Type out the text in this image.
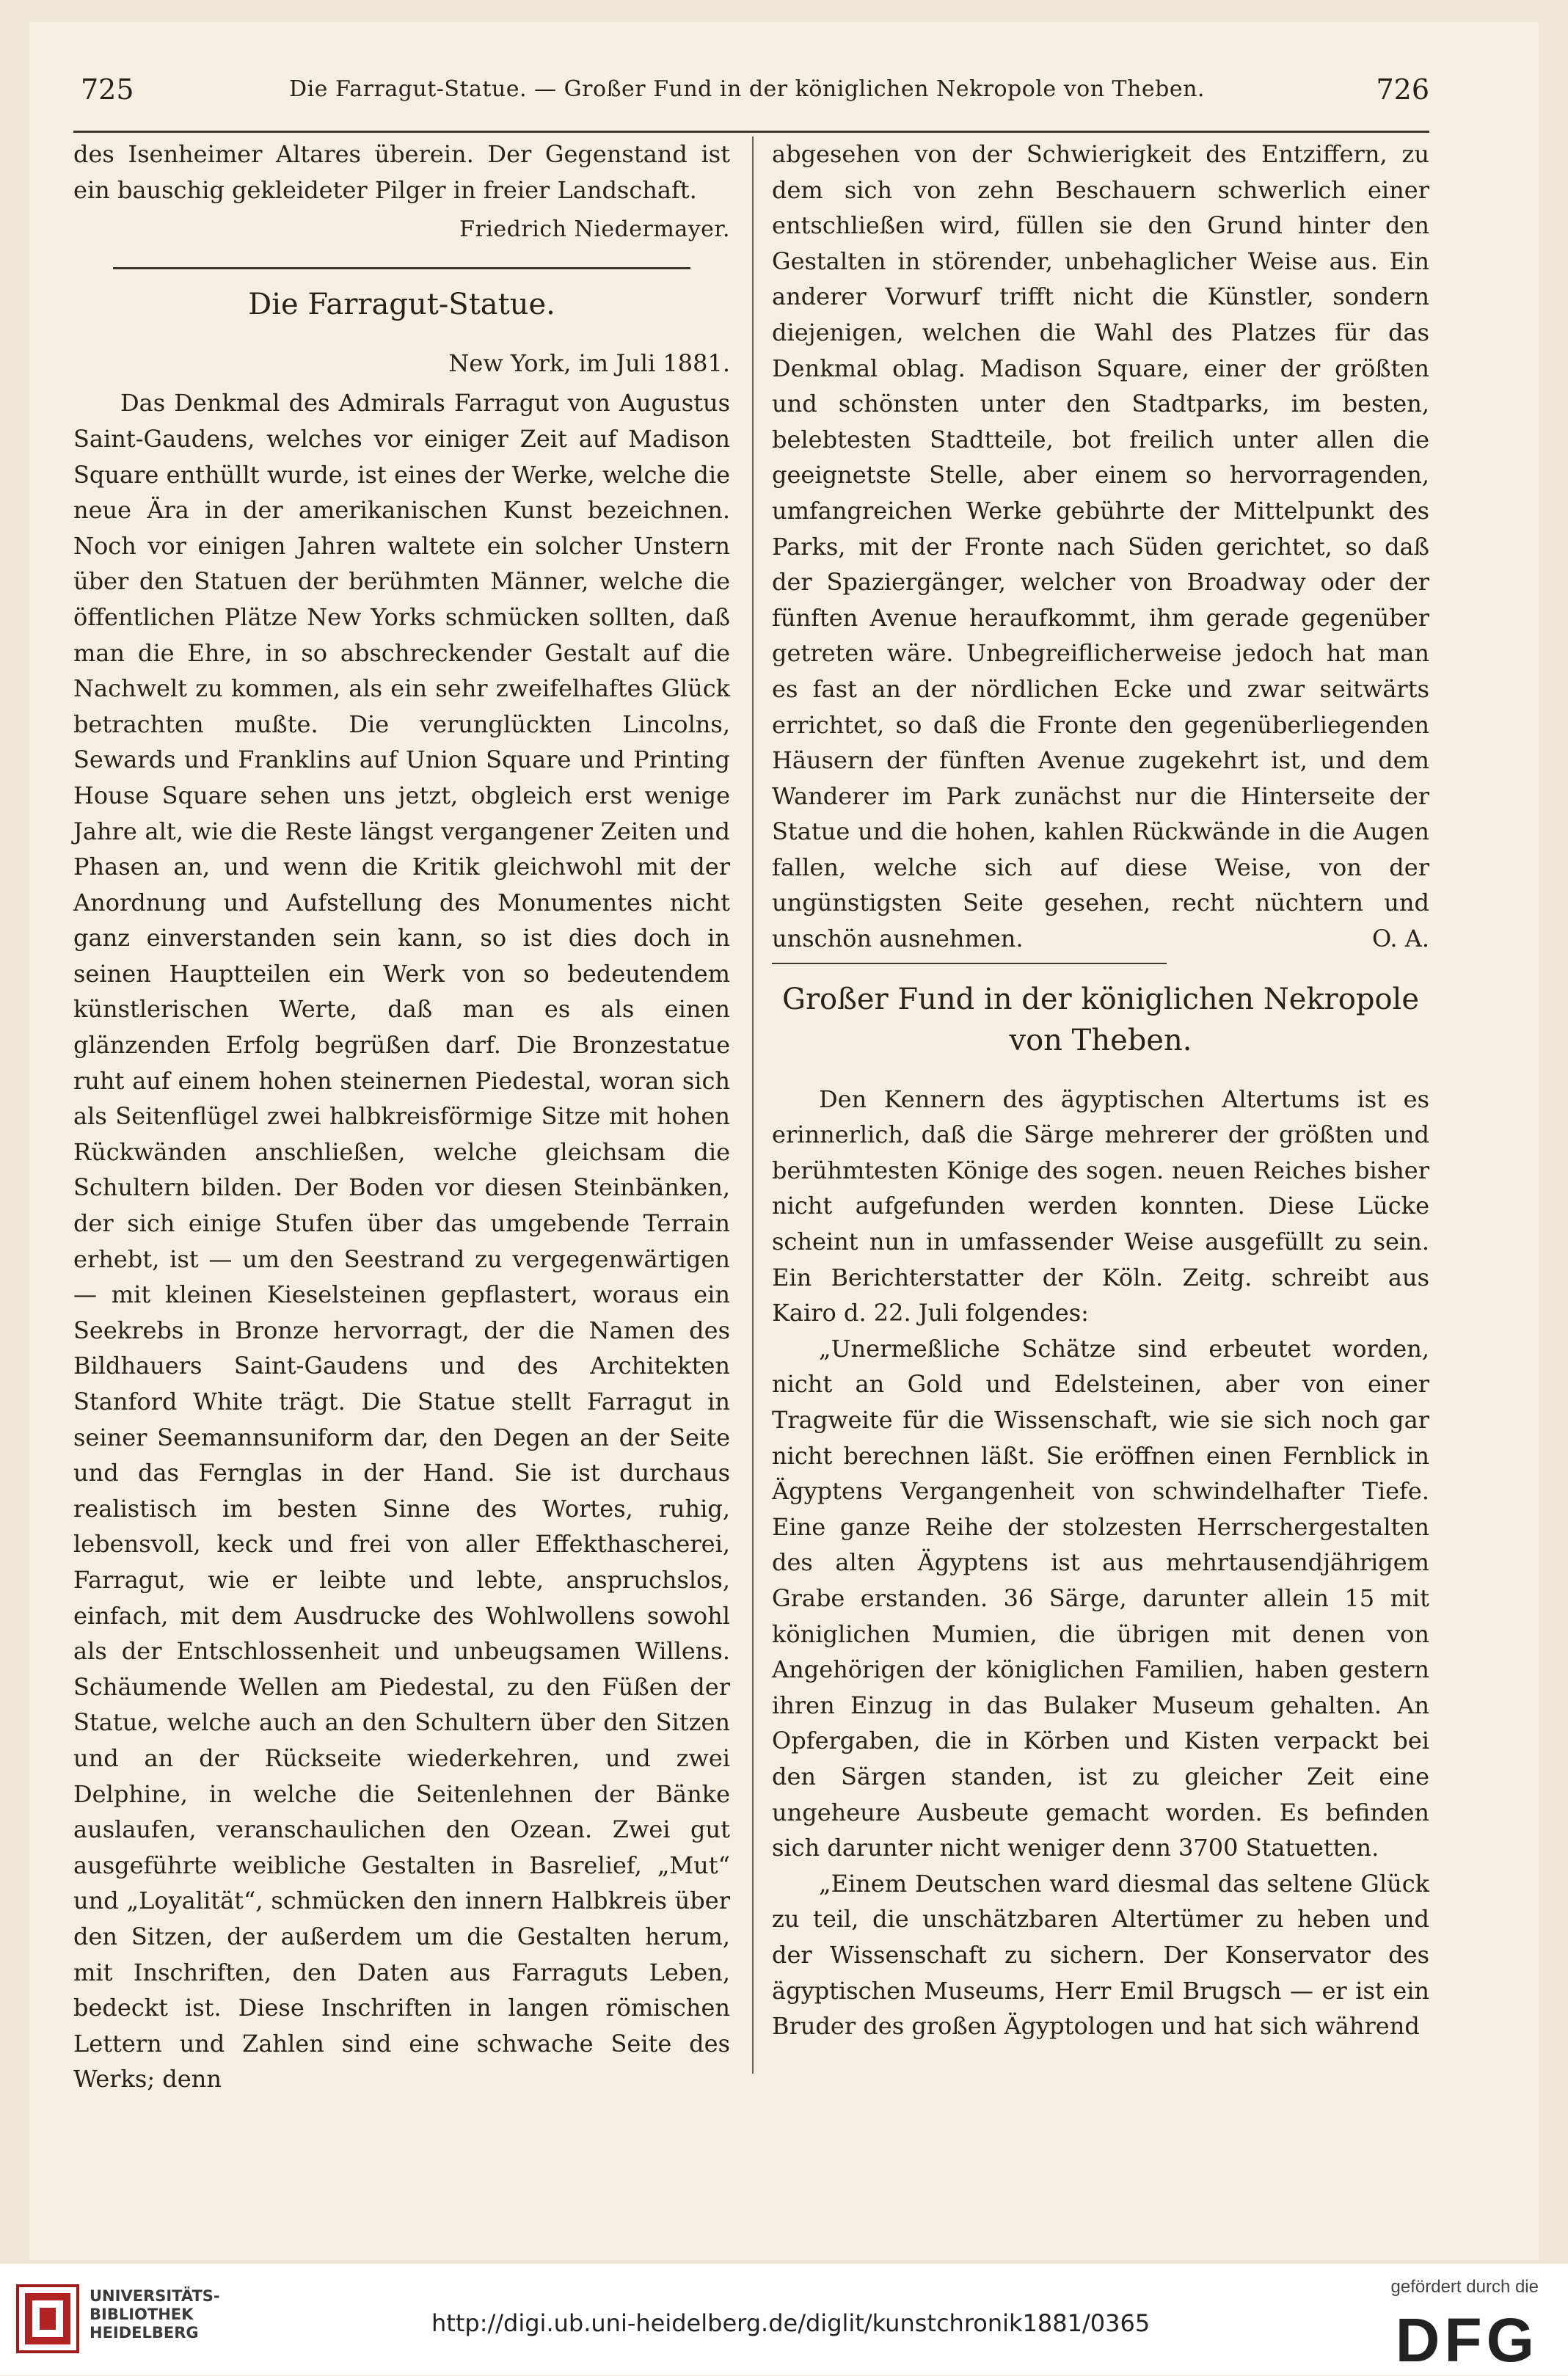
725	Die Farragut-Statue. — Großer Fund in der königlichen Nekropole von Theben.	726

des Isenheimer Altares überein. Der Gegenstand ist ein bauschig gekleideter Pilger in freier Landschaft.

Friedrich Niedermayer.
Die Farragut-Statue.
New York, im Juli 1881.

Das Denkmal des Admirals Farragut von Augustus Saint-Gaudens, welches vor einiger Zeit auf Madison Square enthüllt wurde, ist eines der Werke, welche die neue Ära in der amerikanischen Kunst bezeichnen. Noch vor einigen Jahren waltete ein solcher Unstern über den Statuen der berühmten Männer, welche die öffentlichen Plätze New Yorks schmücken sollten, daß man die Ehre, in so abschreckender Gestalt auf die Nachwelt zu kommen, als ein sehr zweifelhaftes Glück betrachten mußte. Die verunglückten Lincolns, Sewards und Franklins auf Union Square und Printing House Square sehen uns jetzt, obgleich erst wenige Jahre alt, wie die Reste längst vergangener Zeiten und Phasen an, und wenn die Kritik gleichwohl mit der Anordnung und Aufstellung des Monumentes nicht ganz einverstanden sein kann, so ist dies doch in seinen Hauptteilen ein Werk von so bedeutendem künstlerischen Werte, daß man es als einen glänzenden Erfolg begrüßen darf. Die Bronzestatue ruht auf einem hohen steinernen Piedestal, woran sich als Seitenflügel zwei halbkreisförmige Sitze mit hohen Rückwänden anschließen, welche gleichsam die Schultern bilden. Der Boden vor diesen Steinbänken, der sich einige Stufen über das umgebende Terrain erhebt, ist — um den Seestrand zu vergegenwärtigen — mit kleinen Kieselsteinen gepflastert, woraus ein Seekrebs in Bronze hervorragt, der die Namen des Bildhauers Saint-Gaudens und des Architekten Stanford White trägt. Die Statue stellt Farragut in seiner Seemannsuniform dar, den Degen an der Seite und das Fernglas in der Hand. Sie ist durchaus realistisch im besten Sinne des Wortes, ruhig, lebensvoll, keck und frei von aller Effekthascherei, Farragut, wie er leibte und lebte, anspruchslos, einfach, mit dem Ausdrucke des Wohlwollens sowohl als der Entschlossenheit und unbeugsamen Willens. Schäumende Wellen am Piedestal, zu den Füßen der Statue, welche auch an den Schultern über den Sitzen und an der Rückseite wiederkehren, und zwei Delphine, in welche die Seitenlehnen der Bänke auslaufen, veranschaulichen den Ozean. Zwei gut ausgeführte weibliche Gestalten in Basrelief, „Mut“ und „Loyalität“, schmücken den innern Halbkreis über den Sitzen, der außerdem um die Gestalten herum, mit Inschriften, den Daten aus Farraguts Leben, bedeckt ist. Diese Inschriften in langen römischen Lettern und Zahlen sind eine schwache Seite des Werks; denn

abgesehen von der Schwierigkeit des Entziffern, zu dem sich von zehn Beschauern schwerlich einer entschließen wird, füllen sie den Grund hinter den Gestalten in störender, unbehaglicher Weise aus. Ein anderer Vorwurf trifft nicht die Künstler, sondern diejenigen, welchen die Wahl des Platzes für das Denkmal oblag. Madison Square, einer der größten und schönsten unter den Stadtparks, im besten, belebtesten Stadtteile, bot freilich unter allen die geeignetste Stelle, aber einem so hervorragenden, umfangreichen Werke gebührte der Mittelpunkt des Parks, mit der Fronte nach Süden gerichtet, so daß der Spaziergänger, welcher von Broadway oder der fünften Avenue heraufkommt, ihm gerade gegenüber getreten wäre. Unbegreiflicherweise jedoch hat man es fast an der nördlichen Ecke und zwar seitwärts errichtet, so daß die Fronte den gegenüberliegenden Häusern der fünften Avenue zugekehrt ist, und dem Wanderer im Park zunächst nur die Hinterseite der Statue und die hohen, kahlen Rückwände in die Augen fallen, welche sich auf diese Weise, von der ungünstigsten Seite gesehen, recht nüchtern und unschön ausnehmen.	O. A.

Großer Fund in der königlichen Nekropole von Theben.

Den Kennern des ägyptischen Altertums ist es erinnerlich, daß die Särge mehrerer der größten und berühmtesten Könige des sogen. neuen Reiches bisher nicht aufgefunden werden konnten. Diese Lücke scheint nun in umfassender Weise ausgefüllt zu sein. Ein Berichterstatter der Köln. Zeitg. schreibt aus Kairo d. 22. Juli folgendes:

„Unermeßliche Schätze sind erbeutet worden, nicht an Gold und Edelsteinen, aber von einer Tragweite für die Wissenschaft, wie sie sich noch gar nicht berechnen läßt. Sie eröffnen einen Fernblick in Ägyptens Vergangenheit von schwindelhafter Tiefe. Eine ganze Reihe der stolzesten Herrschergestalten des alten Ägyptens ist aus mehrtausendjährigem Grabe erstanden. 36 Särge, darunter allein 15 mit königlichen Mumien, die übrigen mit denen von Angehörigen der königlichen Familien, haben gestern ihren Einzug in das Bulaker Museum gehalten. An Opfergaben, die in Körben und Kisten verpackt bei den Särgen standen, ist zu gleicher Zeit eine ungeheure Ausbeute gemacht worden. Es befinden sich darunter nicht weniger denn 3700 Statuetten.

„Einem Deutschen ward diesmal das seltene Glück zu teil, die unschätzbaren Altertümer zu heben und der Wissenschaft zu sichern. Der Konservator des ägyptischen Museums, Herr Emil Brugsch — er ist ein Bruder des großen Ägyptologen und hat sich während

UNIVERSITÄTS-
BIBLIOTHEK
HEIDELBERG	http://digi.ub.uni-heidelberg.de/diglit/kunstchronik1881/0365
gefördert durch die
DFG
